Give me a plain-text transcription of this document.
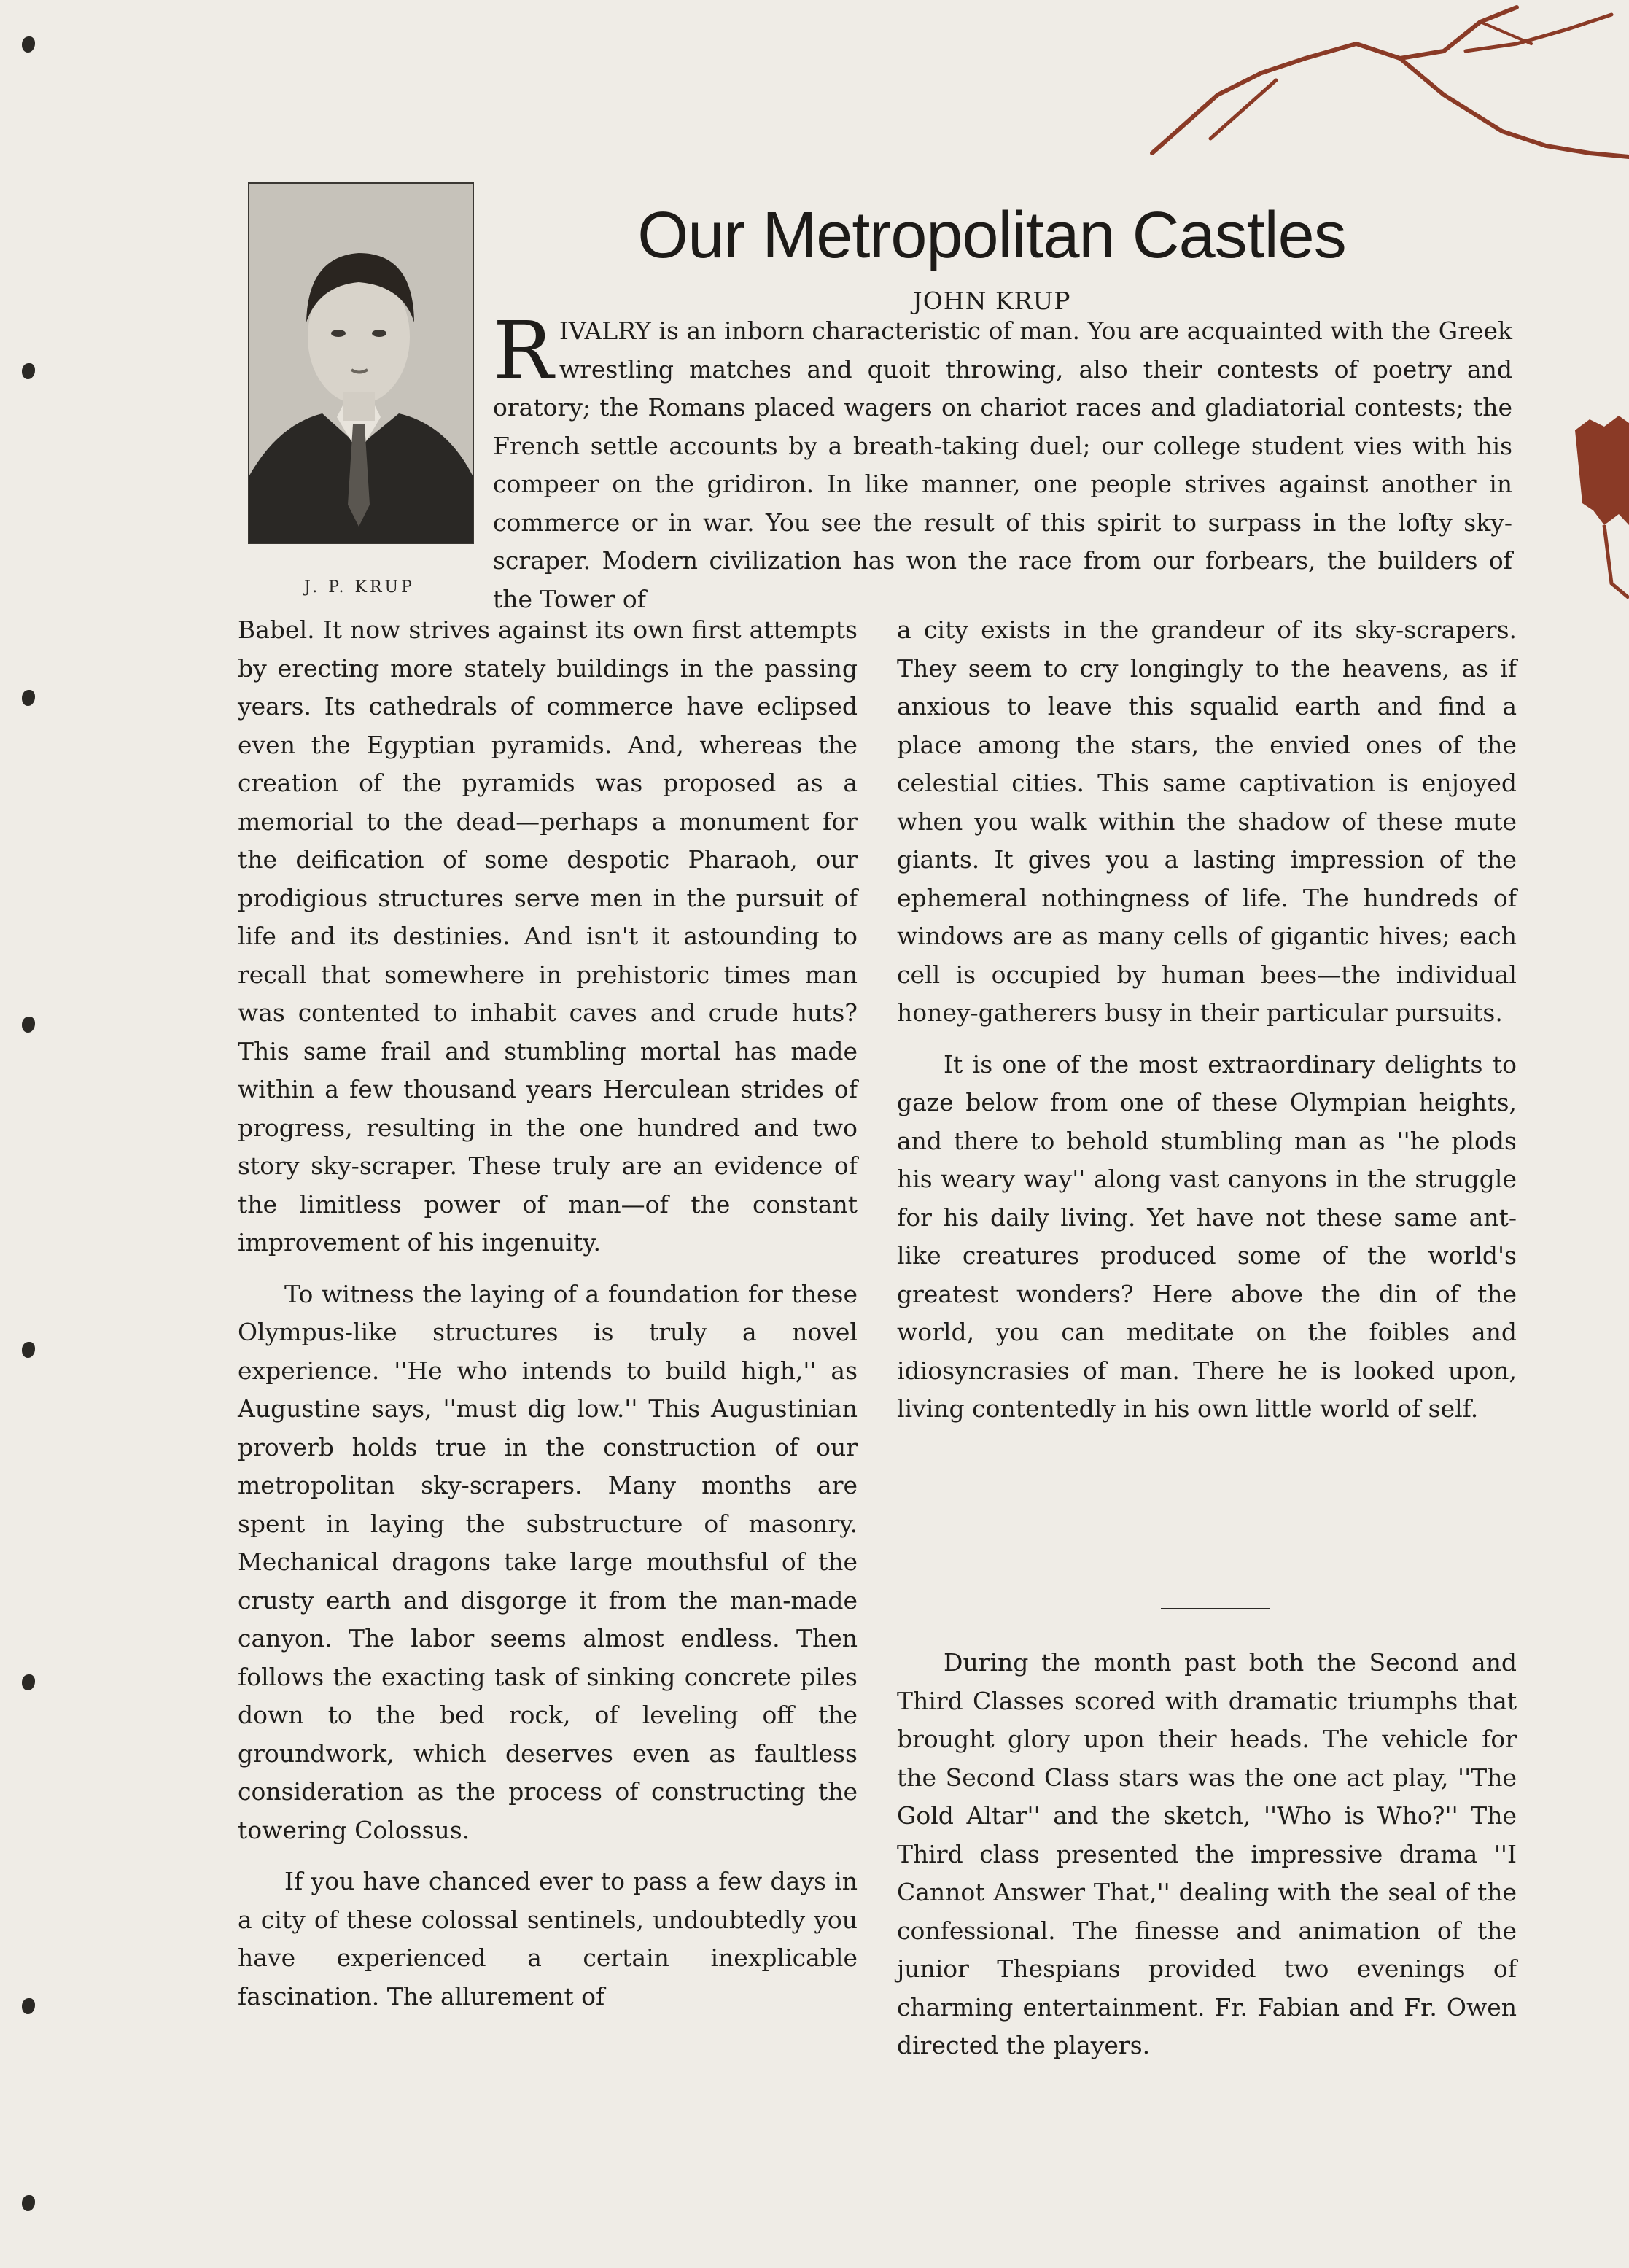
J. P. KRUP
Our Metropolitan Castles
JOHN KRUP

RIVALRY is an inborn characteristic of man. You are acquainted with the Greek wrestling matches and quoit throwing, also their contests of poetry and oratory; the Romans placed wagers on chariot races and gladiatorial contests; the French settle accounts by a breath-taking duel; our college student vies with his compeer on the gridiron. In like manner, one people strives against another in commerce or in war. You see the result of this spirit to surpass in the lofty sky-scraper. Modern civilization has won the race from our forbears, the builders of the Tower of

Babel. It now strives against its own first attempts by erecting more stately buildings in the passing years. Its cathedrals of commerce have eclipsed even the Egyptian pyramids. And, whereas the creation of the pyramids was proposed as a memorial to the dead—perhaps a monument for the deification of some despotic Pharaoh, our prodigious structures serve men in the pursuit of life and its destinies. And isn't it astounding to recall that somewhere in prehistoric times man was contented to inhabit caves and crude huts? This same frail and stumbling mortal has made within a few thousand years Herculean strides of progress, resulting in the one hundred and two story sky-scraper. These truly are an evidence of the limitless power of man—of the constant improvement of his ingenuity.

To witness the laying of a foundation for these Olympus-like structures is truly a novel experience. ''He who intends to build high,'' as Augustine says, ''must dig low.'' This Augustinian proverb holds true in the construction of our metropolitan sky-scrapers. Many months are spent in laying the substructure of masonry. Mechanical dragons take large mouthsful of the crusty earth and disgorge it from the man-made canyon. The labor seems almost endless. Then follows the exacting task of sinking concrete piles down to the bed rock, of leveling off the groundwork, which deserves even as faultless consideration as the process of constructing the towering Colossus.

If you have chanced ever to pass a few days in a city of these colossal sentinels, undoubtedly you have experienced a certain inexplicable fascination. The allurement of

a city exists in the grandeur of its sky-scrapers. They seem to cry longingly to the heavens, as if anxious to leave this squalid earth and find a place among the stars, the envied ones of the celestial cities. This same captivation is enjoyed when you walk within the shadow of these mute giants. It gives you a lasting impression of the ephemeral nothingness of life. The hundreds of windows are as many cells of gigantic hives; each cell is occupied by human bees—the individual honey-gatherers busy in their particular pursuits.

It is one of the most extraordinary delights to gaze below from one of these Olympian heights, and there to behold stumbling man as ''he plods his weary way'' along vast canyons in the struggle for his daily living. Yet have not these same ant-like creatures produced some of the world's greatest wonders? Here above the din of the world, you can meditate on the foibles and idiosyncrasies of man. There he is looked upon, living contentedly in his own little world of self.

During the month past both the Second and Third Classes scored with dramatic triumphs that brought glory upon their heads. The vehicle for the Second Class stars was the one act play, ''The Gold Altar'' and the sketch, ''Who is Who?'' The Third class presented the impressive drama ''I Cannot Answer That,'' dealing with the seal of the confessional. The finesse and animation of the junior Thespians provided two evenings of charming entertainment. Fr. Fabian and Fr. Owen directed the players.
